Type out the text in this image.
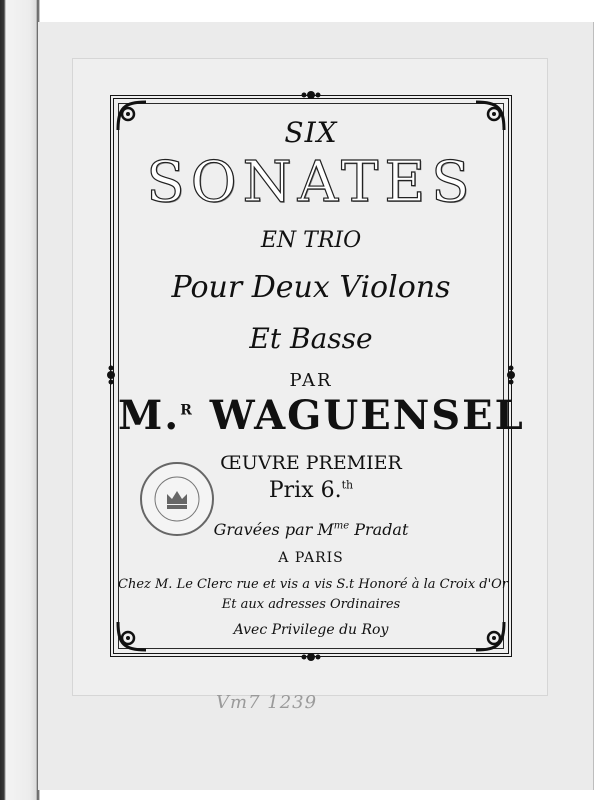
SIX
SONATES
EN TRIO
Pour Deux Violons
Et Basse
PAR
M.$^R$ WAGUENSEL
ŒUVRE PREMIER
Prix 6.$^{th}$
Gravées par $M^{me}$ Pradat
A PARIS
Chez M. Le Clerc rue et vis a vis S.t Honoré à la Croix d'Or
Et aux adresses Ordinaires
Avec Privilege du Roy
Vm7 1239
